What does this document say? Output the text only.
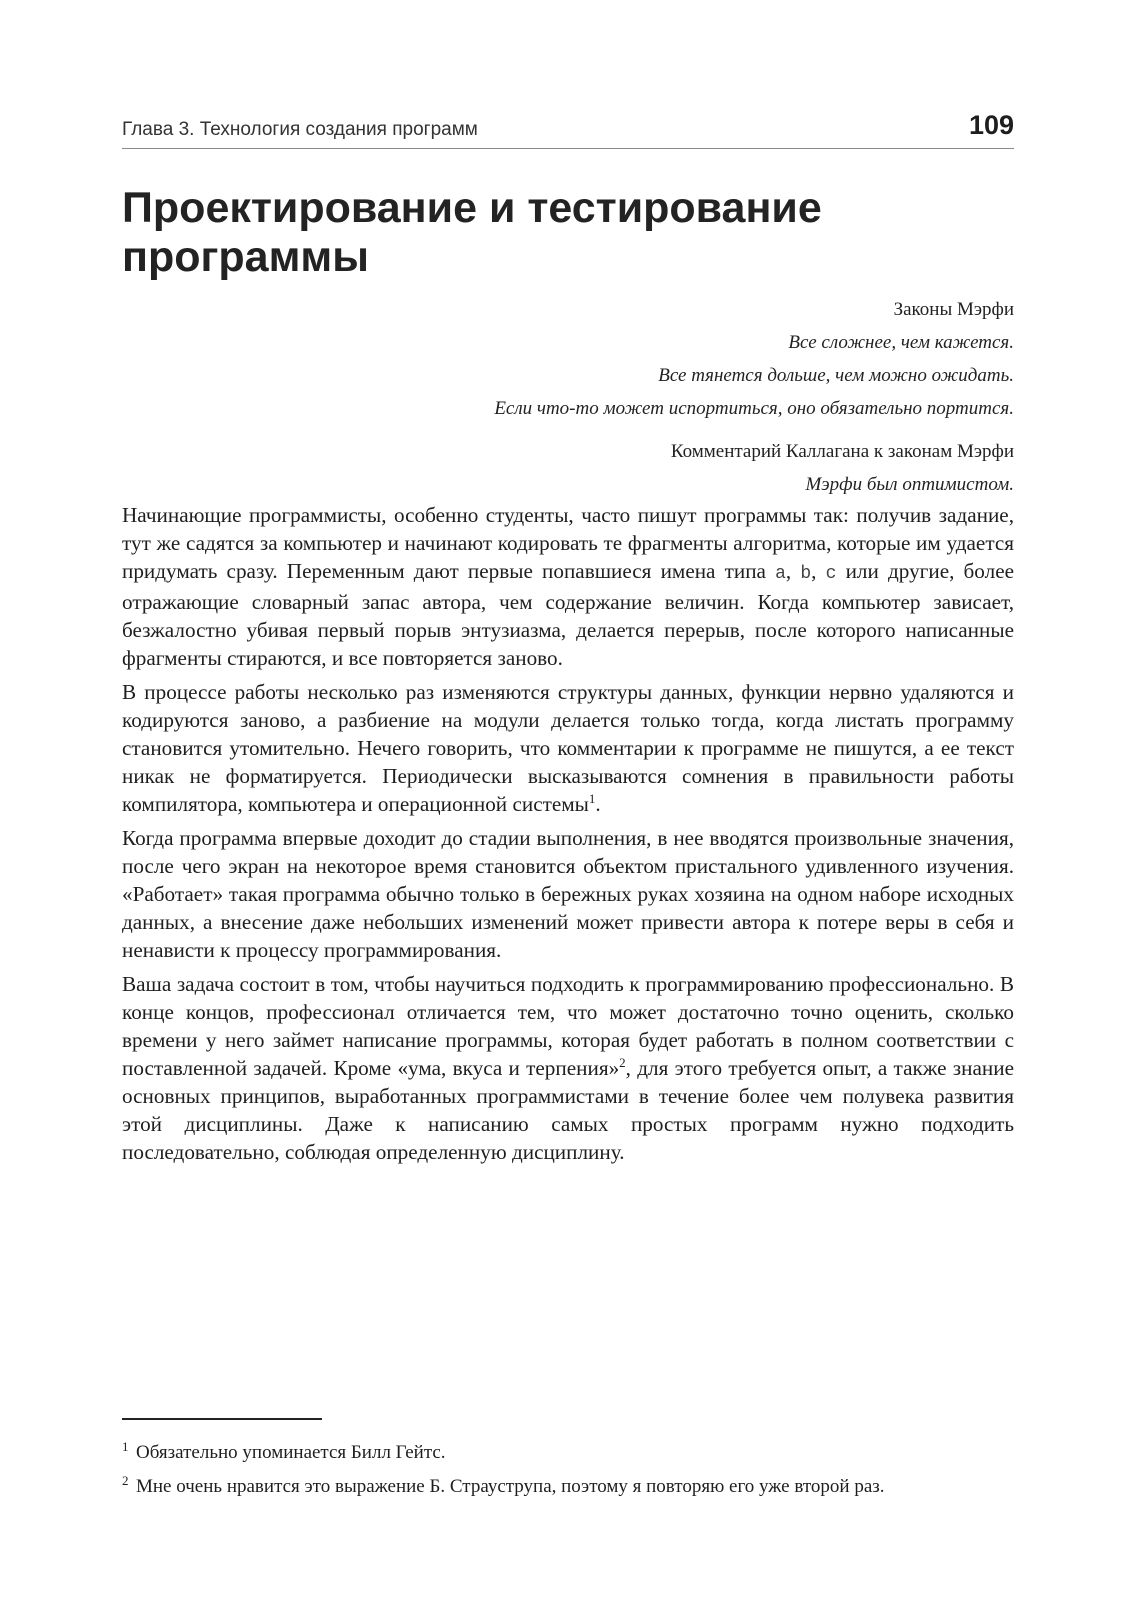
Глава 3. Технология создания программ	109
Проектирование и тестирование программы
Законы Мэрфи
Все сложнее, чем кажется.
Все тянется дольше, чем можно ожидать.
Если что-то может испортиться, оно обязательно портится.
Комментарий Каллагана к законам Мэрфи
Мэрфи был оптимистом.

Начинающие программисты, особенно студенты, часто пишут программы так: получив задание, тут же садятся за компьютер и начинают кодировать те фрагменты алгоритма, которые им удается придумать сразу. Переменным дают первые попавшиеся имена типа a, b, c или другие, более отражающие словарный запас автора, чем содержание величин. Когда компьютер зависает, безжалостно убивая первый порыв энтузиазма, делается перерыв, после которого написанные фрагменты стираются, и все повторяется заново.

В процессе работы несколько раз изменяются структуры данных, функции нервно удаляются и кодируются заново, а разбиение на модули делается только тогда, когда листать программу становится утомительно. Нечего говорить, что комментарии к программе не пишутся, а ее текст никак не форматируется. Периодически высказываются сомнения в правильности работы компилятора, компьютера и операционной системы$^1$.

Когда программа впервые доходит до стадии выполнения, в нее вводятся произвольные значения, после чего экран на некоторое время становится объектом пристального удивленного изучения. «Работает» такая программа обычно только в бережных руках хозяина на одном наборе исходных данных, а внесение даже небольших изменений может привести автора к потере веры в себя и ненависти к процессу программирования.

Ваша задача состоит в том, чтобы научиться подходить к программированию профессионально. В конце концов, профессионал отличается тем, что может достаточно точно оценить, сколько времени у него займет написание программы, которая будет работать в полном соответствии с поставленной задачей. Кроме «ума, вкуса и терпения»$^2$, для этого требуется опыт, а также знание основных принципов, выработанных программистами в течение более чем полувека развития этой дисциплины. Даже к написанию самых простых программ нужно подходить последовательно, соблюдая определенную дисциплину.

1 Обязательно упоминается Билл Гейтс.
2 Мне очень нравится это выражение Б. Страуструпа, поэтому я повторяю его уже второй раз.
